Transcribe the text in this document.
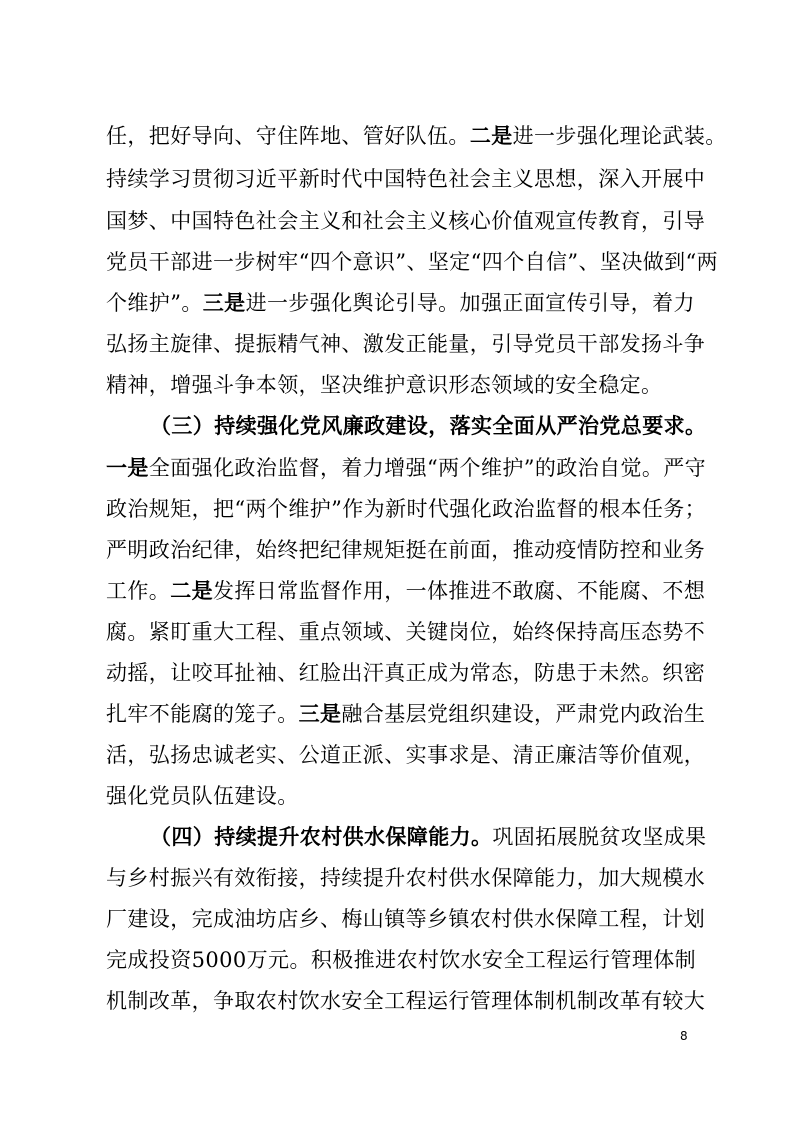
任，把好导向、守住阵地、管好队伍。二是进一步强化理论武装。
持续学习贯彻习近平新时代中国特色社会主义思想，深入开展中
国梦、中国特色社会主义和社会主义核心价值观宣传教育，引导
党员干部进一步树牢“四个意识”、坚定“四个自信”、坚决做到“两
个维护”。三是进一步强化舆论引导。加强正面宣传引导，着力
弘扬主旋律、提振精气神、激发正能量，引导党员干部发扬斗争
精神，增强斗争本领，坚决维护意识形态领域的安全稳定。
（三）持续强化党风廉政建设，落实全面从严治党总要求。
一是全面强化政治监督，着力增强“两个维护”的政治自觉。严守
政治规矩，把“两个维护”作为新时代强化政治监督的根本任务；
严明政治纪律，始终把纪律规矩挺在前面，推动疫情防控和业务
工作。二是发挥日常监督作用，一体推进不敢腐、不能腐、不想
腐。紧盯重大工程、重点领域、关键岗位，始终保持高压态势不
动摇，让咬耳扯袖、红脸出汗真正成为常态，防患于未然。织密
扎牢不能腐的笼子。三是融合基层党组织建设，严肃党内政治生
活，弘扬忠诚老实、公道正派、实事求是、清正廉洁等价值观，
强化党员队伍建设。
（四）持续提升农村供水保障能力。巩固拓展脱贫攻坚成果
与乡村振兴有效衔接，持续提升农村供水保障能力，加大规模水
厂建设，完成油坊店乡、梅山镇等乡镇农村供水保障工程，计划
完成投资5000万元。积极推进农村饮水安全工程运行管理体制
机制改革，争取农村饮水安全工程运行管理体制机制改革有较大
8
